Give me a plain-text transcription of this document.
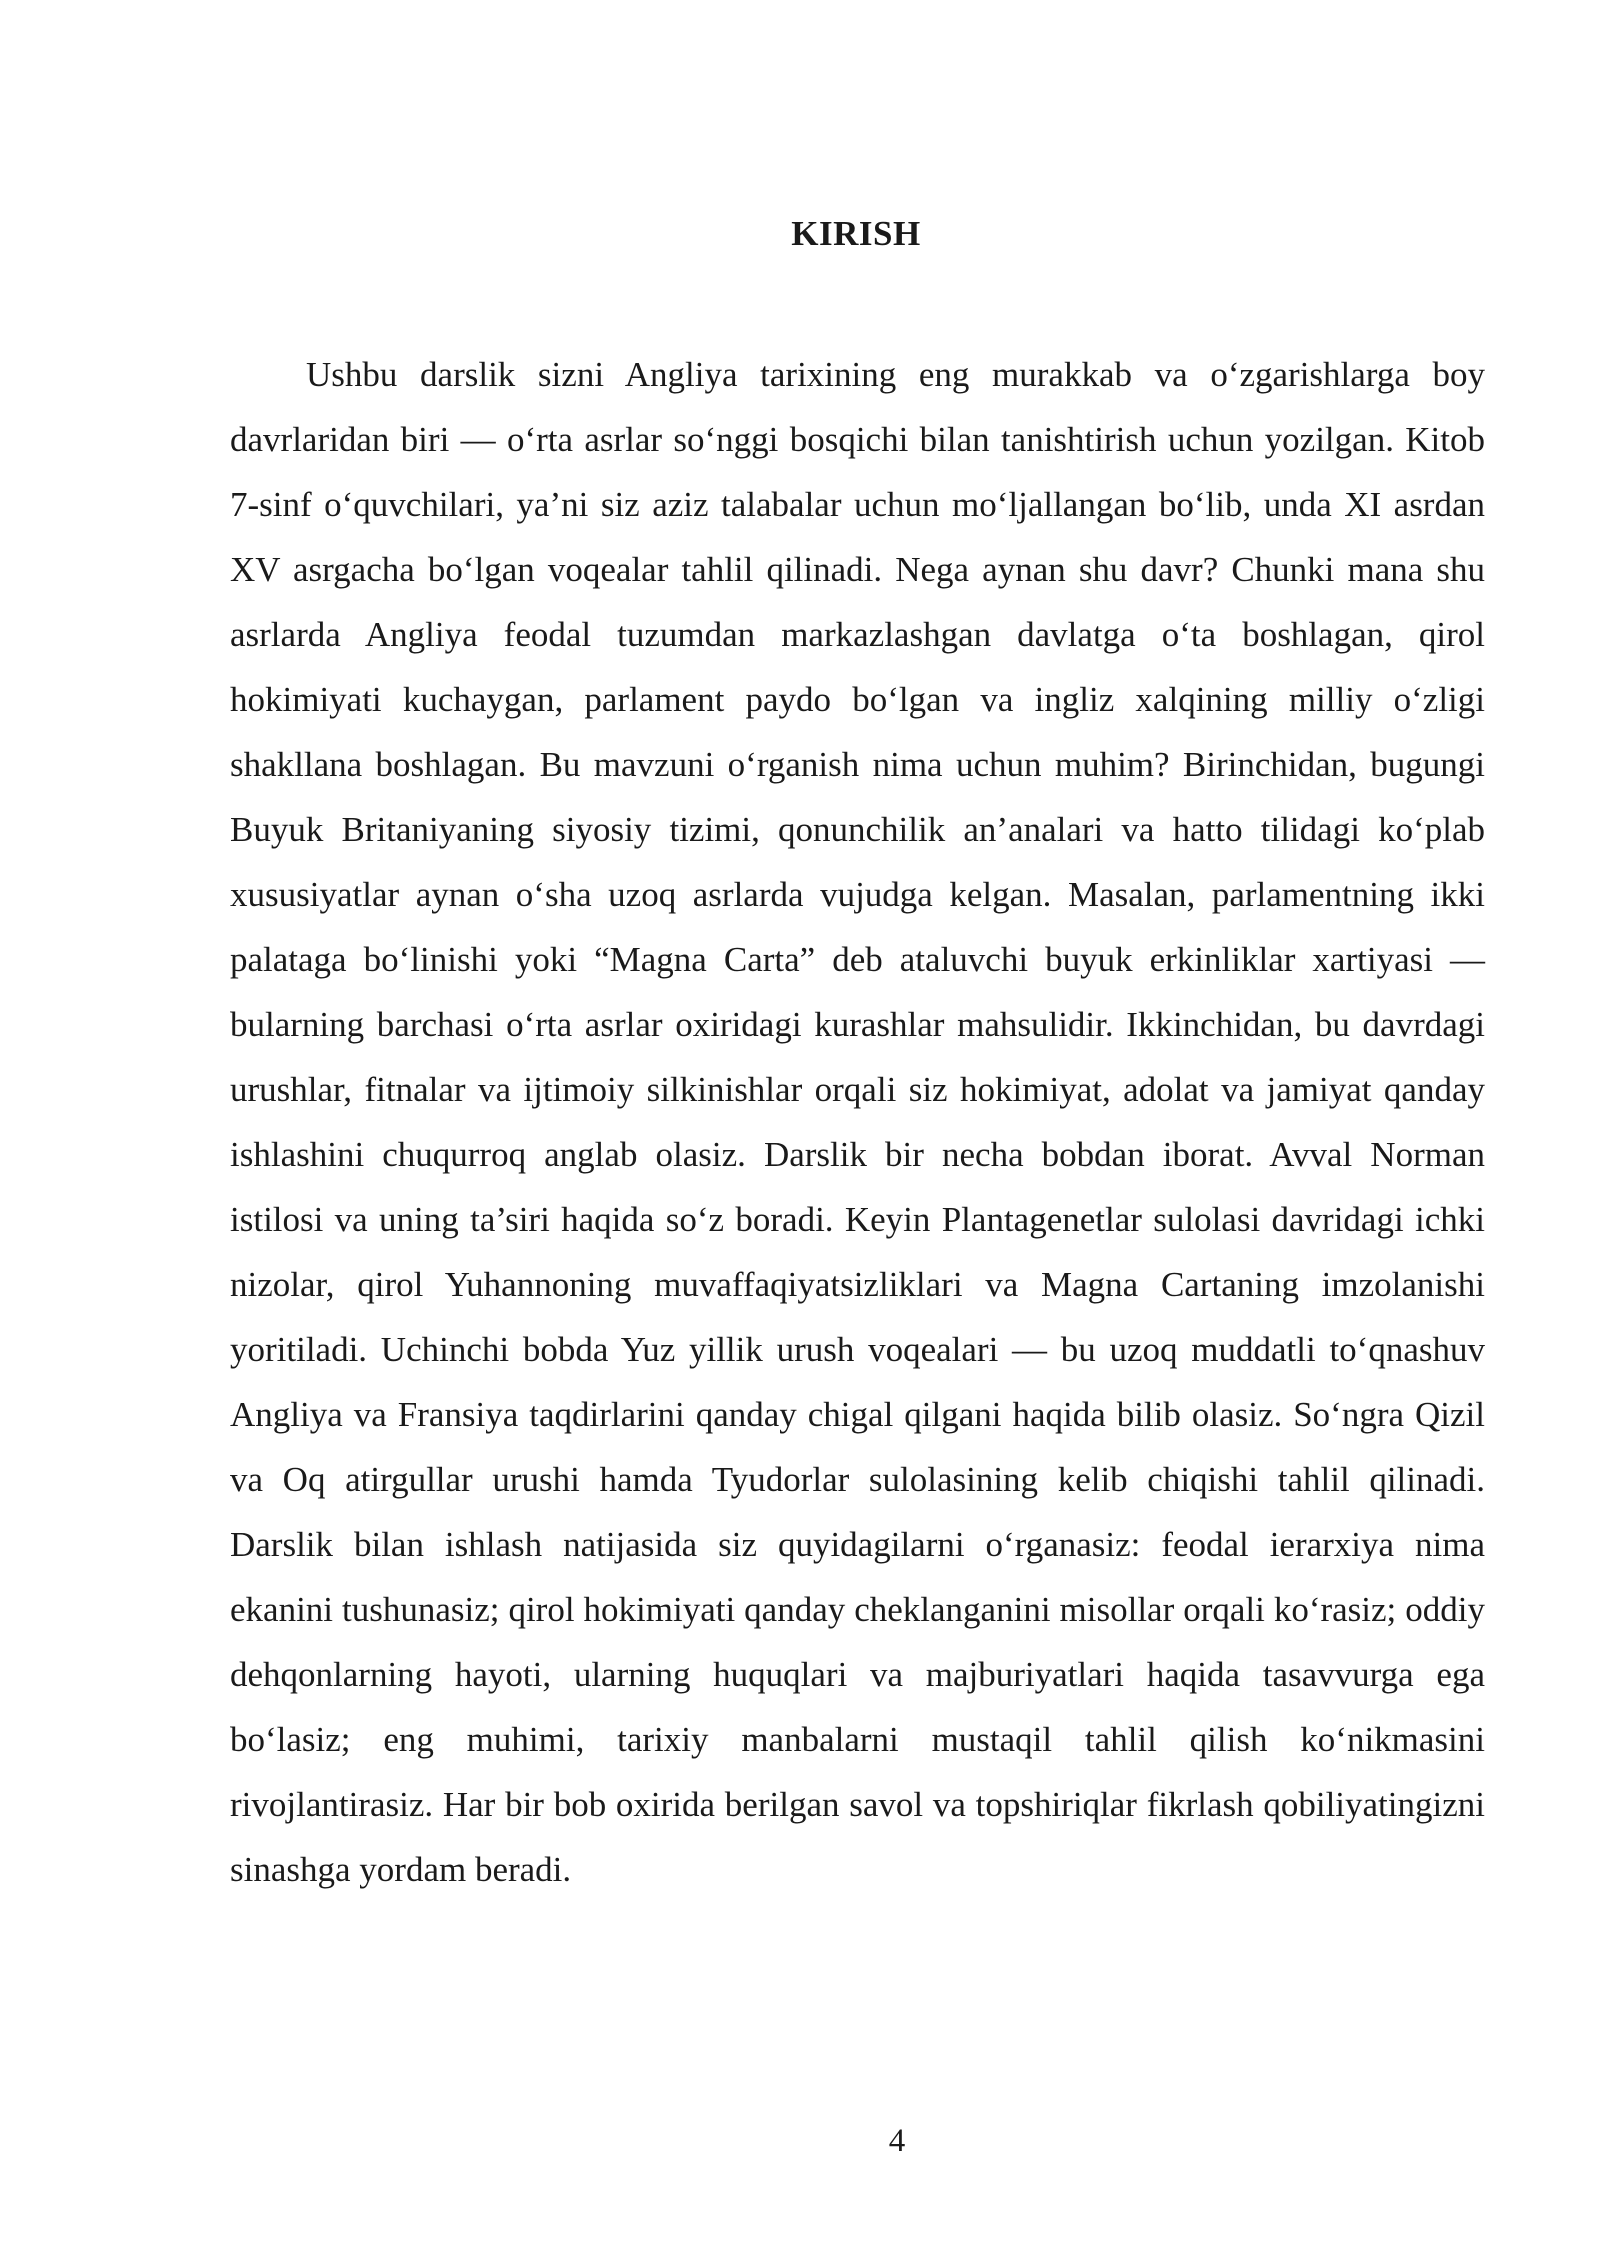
KIRISH

Ushbu darslik sizni Angliya tarixining eng murakkab va o‘zgarishlarga boy davrlaridan biri — o‘rta asrlar so‘nggi bosqichi bilan tanishtirish uchun yozilgan. Kitob 7-sinf o‘quvchilari, ya’ni siz aziz talabalar uchun mo‘ljallangan bo‘lib, unda XI asrdan XV asrgacha bo‘lgan voqealar tahlil qilinadi. Nega aynan shu davr? Chunki mana shu asrlarda Angliya feodal tuzumdan markazlashgan davlatga o‘ta boshlagan, qirol hokimiyati kuchaygan, parlament paydo bo‘lgan va ingliz xalqining milliy o‘zligi shakllana boshlagan. Bu mavzuni o‘rganish nima uchun muhim? Birinchidan, bugungi Buyuk Britaniyaning siyosiy tizimi, qonunchilik an’analari va hatto tilidagi ko‘plab xususiyatlar aynan o‘sha uzoq asrlarda vujudga kelgan. Masalan, parlamentning ikki palataga bo‘linishi yoki “Magna Carta” deb ataluvchi buyuk erkinliklar xartiyasi — bularning barchasi o‘rta asrlar oxiridagi kurashlar mahsulidir. Ikkinchidan, bu davrdagi urushlar, fitnalar va ijtimoiy silkinishlar orqali siz hokimiyat, adolat va jamiyat qanday ishlashini chuqurroq anglab olasiz. Darslik bir necha bobdan iborat. Avval Norman istilosi va uning ta’siri haqida so‘z boradi. Keyin Plantagenetlar sulolasi davridagi ichki nizolar, qirol Yuhannoning muvaffaqiyatsizliklari va Magna Cartaning imzolanishi yoritiladi. Uchinchi bobda Yuz yillik urush voqealari — bu uzoq muddatli to‘qnashuv Angliya va Fransiya taqdirlarini qanday chigal qilgani haqida bilib olasiz. So‘ngra Qizil va Oq atirgullar urushi hamda Tyudorlar sulolasining kelib chiqishi tahlil qilinadi. Darslik bilan ishlash natijasida siz quyidagilarni o‘rganasiz: feodal ierarxiya nima ekanini tushunasiz; qirol hokimiyati qanday cheklanganini misollar orqali ko‘rasiz; oddiy dehqonlarning hayoti, ularning huquqlari va majburiyatlari haqida tasavvurga ega bo‘lasiz; eng muhimi, tarixiy manbalarni mustaqil tahlil qilish ko‘nikmasini rivojlantirasiz. Har bir bob oxirida berilgan savol va topshiriqlar fikrlash qobiliyatingizni sinashga yordam beradi.

4
